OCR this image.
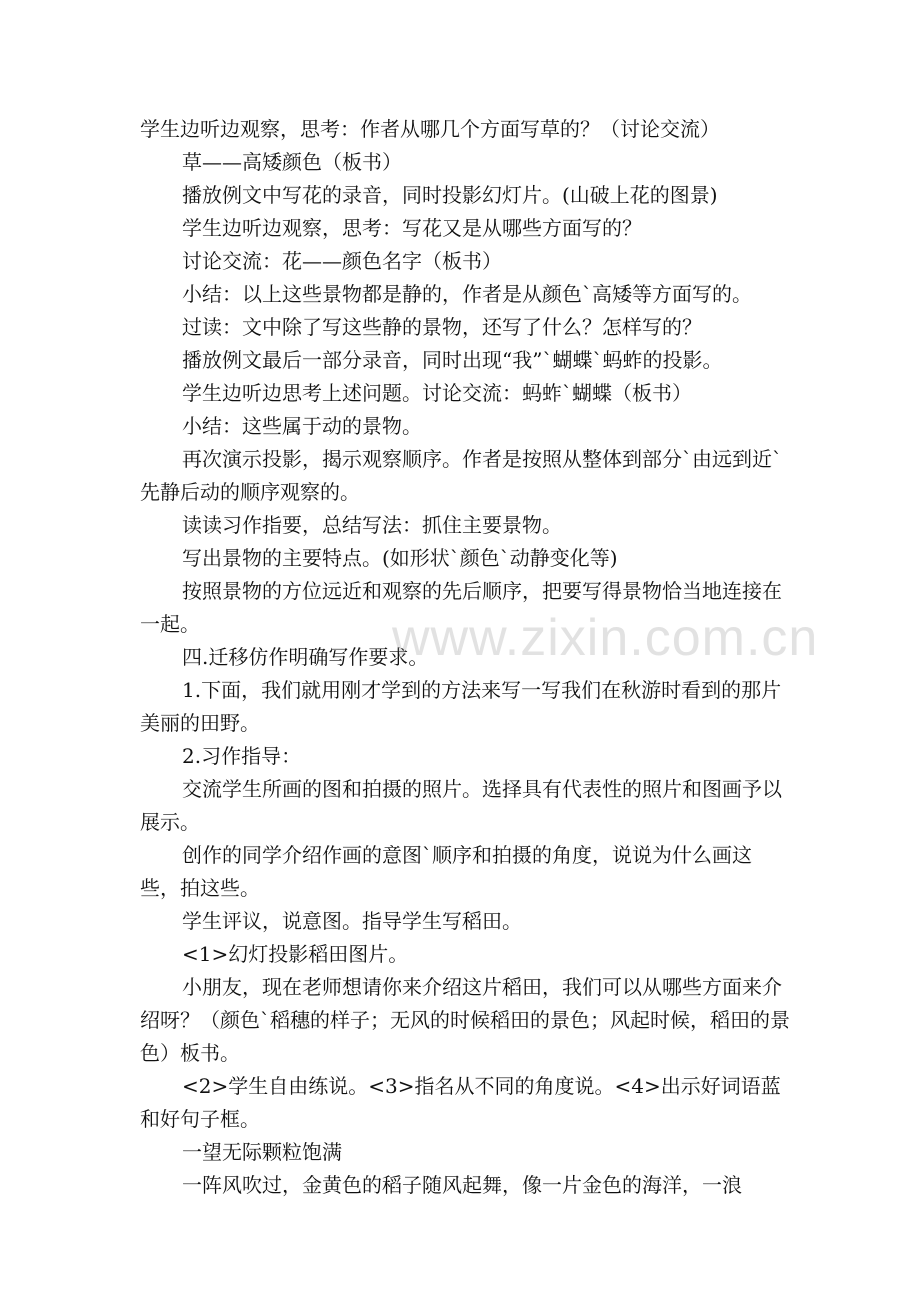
学生边听边观察，思考：作者从哪几个方面写草的？（讨论交流）

草——高矮颜色（板书）

播放例文中写花的录音，同时投影幻灯片。(山破上花的图景)

学生边听边观察，思考：写花又是从哪些方面写的？

讨论交流：花——颜色名字（板书）

小结：以上这些景物都是静的，作者是从颜色`高矮等方面写的。

过读：文中除了写这些静的景物，还写了什么？怎样写的？

播放例文最后一部分录音，同时出现“我”`蝴蝶`蚂蚱的投影。

学生边听边思考上述问题。讨论交流：蚂蚱`蝴蝶（板书）

小结：这些属于动的景物。

再次演示投影，揭示观察顺序。作者是按照从整体到部分`由远到近`先静后动的顺序观察的。

读读习作指要，总结写法：抓住主要景物。

写出景物的主要特点。(如形状`颜色`动静变化等)

按照景物的方位远近和观察的先后顺序，把要写得景物恰当地连接在一起。

四.迁移仿作明确写作要求。

1.下面，我们就用刚才学到的方法来写一写我们在秋游时看到的那片美丽的田野。

2.习作指导：

交流学生所画的图和拍摄的照片。选择具有代表性的照片和图画予以展示。

创作的同学介绍作画的意图`顺序和拍摄的角度，说说为什么画这些，拍这些。

学生评议，说意图。指导学生写稻田。

<1>幻灯投影稻田图片。

小朋友，现在老师想请你来介绍这片稻田，我们可以从哪些方面来介绍呀？（颜色`稻穗的样子；无风的时候稻田的景色；风起时候，稻田的景色）板书。

<2>学生自由练说。<3>指名从不同的角度说。<4>出示好词语蓝和好句子框。

一望无际颗粒饱满

一阵风吹过，金黄色的稻子随风起舞，像一片金色的海洋，一浪

www.zixin.com.cn
